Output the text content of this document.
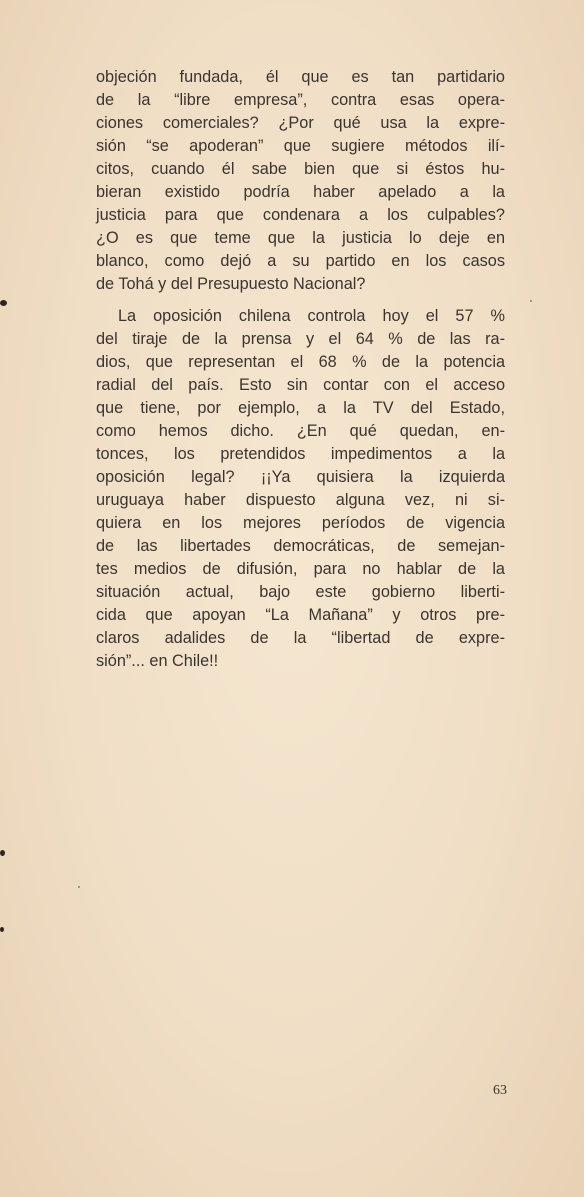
objeción fundada, él que es tan partidario
de la “libre empresa”, contra esas opera-
ciones comerciales? ¿Por qué usa la expre-
sión “se apoderan” que sugiere métodos ilí-
citos, cuando él sabe bien que si éstos hu-
bieran existido podría haber apelado a la
justicia para que condenara a los culpables?
¿O es que teme que la justicia lo deje en
blanco, como dejó a su partido en los casos
de Tohá y del Presupuesto Nacional?
La oposición chilena controla hoy el 57 %
del tiraje de la prensa y el 64 % de las ra-
dios, que representan el 68 % de la potencia
radial del país. Esto sin contar con el acceso
que tiene, por ejemplo, a la TV del Estado,
como hemos dicho. ¿En qué quedan, en-
tonces, los pretendidos impedimentos a la
oposición legal? ¡¡Ya quisiera la izquierda
uruguaya haber dispuesto alguna vez, ni si-
quiera en los mejores períodos de vigencia
de las libertades democráticas, de semejan-
tes medios de difusión, para no hablar de la
situación actual, bajo este gobierno liberti-
cida que apoyan “La Mañana” y otros pre-
claros adalides de la “libertad de expre-
sión”... en Chile!!
63
